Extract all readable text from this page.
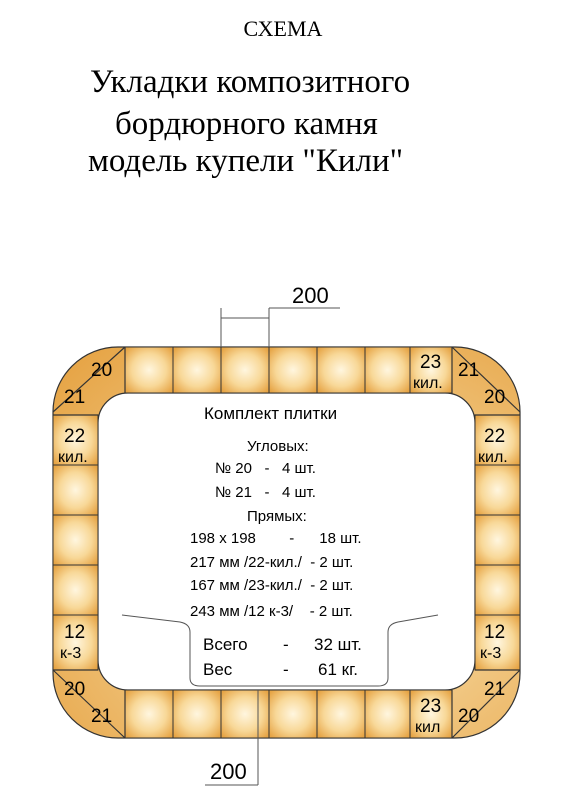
СХЕМА
Укладки композитного
бордюрного камня
модель купели "Кили"
20
21
21
20
20
21
21
20
22
кил.
22
кил.
23
кил.
23
кил
12
к-3
12
к-3
200
200
Комплект плитки
Угловых:
№ 20   -   4 шт.
№ 21   -   4 шт.
Прямых:
198 х 198        -      18 шт.
217 мм /22-кил./  - 2 шт.
167 мм /23-кил./  - 2 шт.
243 мм /12 к-3/    - 2 шт.
Всего - 32 шт.
Вес	- 61 кг.
